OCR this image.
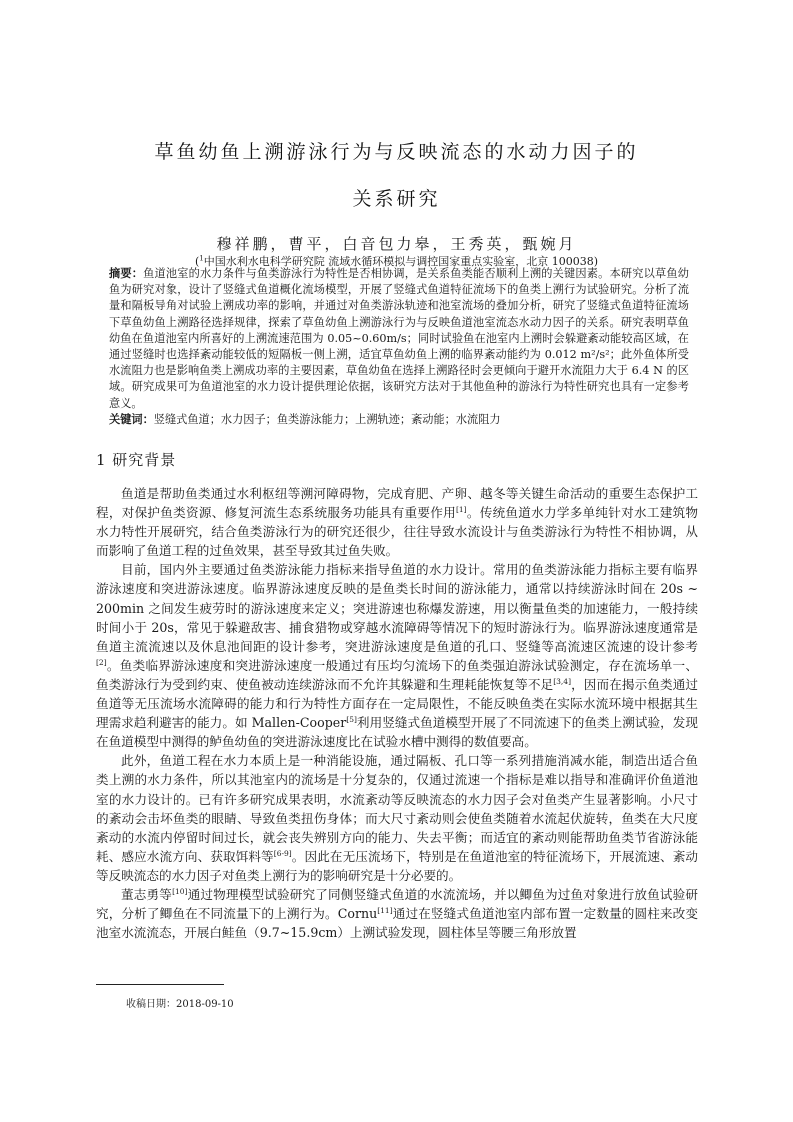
草鱼幼鱼上溯游泳行为与反映流态的水动力因子的
关系研究
穆祥鹏，曹平，白音包力皋，王秀英，甄婉月
($^1$中国水利水电科学研究院 流域水循环模拟与调控国家重点实验室，北京 100038)

摘要：鱼道池室的水力条件与鱼类游泳行为特性是否相协调，是关系鱼类能否顺利上溯的关键因素。本研究以草鱼幼鱼为研究对象，设计了竖缝式鱼道概化流场模型，开展了竖缝式鱼道特征流场下的鱼类上溯行为试验研究。分析了流量和隔板导角对试验上溯成功率的影响，并通过对鱼类游泳轨迹和池室流场的叠加分析，研究了竖缝式鱼道特征流场下草鱼幼鱼上溯路径选择规律，探索了草鱼幼鱼上溯游泳行为与反映鱼道池室流态水动力因子的关系。研究表明草鱼幼鱼在鱼道池室内所喜好的上溯流速范围为 0.05~0.60m/s；同时试验鱼在池室内上溯时会躲避紊动能较高区域，在通过竖缝时也选择紊动能较低的短隔板一侧上溯，适宜草鱼幼鱼上溯的临界紊动能约为 0.012 m²/s²；此外鱼体所受水流阻力也是影响鱼类上溯成功率的主要因素，草鱼幼鱼在选择上溯路径时会更倾向于避开水流阻力大于 6.4 N 的区域。研究成果可为鱼道池室的水力设计提供理论依据，该研究方法对于其他鱼种的游泳行为特性研究也具有一定参考意义。

关键词：竖缝式鱼道；水力因子；鱼类游泳能力；上溯轨迹；紊动能；水流阻力

1 研究背景

鱼道是帮助鱼类通过水利枢纽等溯河障碍物，完成育肥、产卵、越冬等关键生命活动的重要生态保护工程，对保护鱼类资源、修复河流生态系统服务功能具有重要作用[1]。传统鱼道水力学多单纯针对水工建筑物水力特性开展研究，结合鱼类游泳行为的研究还很少，往往导致水流设计与鱼类游泳行为特性不相协调，从而影响了鱼道工程的过鱼效果，甚至导致其过鱼失败。

目前，国内外主要通过鱼类游泳能力指标来指导鱼道的水力设计。常用的鱼类游泳能力指标主要有临界游泳速度和突进游泳速度。临界游泳速度反映的是鱼类长时间的游泳能力，通常以持续游泳时间在 20s ~ 200min 之间发生疲劳时的游泳速度来定义；突进游速也称爆发游速，用以衡量鱼类的加速能力，一般持续时间小于 20s，常见于躲避敌害、捕食猎物或穿越水流障碍等情况下的短时游泳行为。临界游泳速度通常是鱼道主流流速以及休息池间距的设计参考，突进游泳速度是鱼道的孔口、竖缝等高流速区流速的设计参考[2]。鱼类临界游泳速度和突进游泳速度一般通过有压均匀流场下的鱼类强迫游泳试验测定，存在流场单一、鱼类游泳行为受到约束、使鱼被动连续游泳而不允许其躲避和生理耗能恢复等不足[3,4]，因而在揭示鱼类通过鱼道等无压流场水流障碍的能力和行为特性方面存在一定局限性，不能反映鱼类在实际水流环境中根据其生理需求趋利避害的能力。如 Mallen-Cooper[5]利用竖缝式鱼道模型开展了不同流速下的鱼类上溯试验，发现在鱼道模型中测得的鲈鱼幼鱼的突进游泳速度比在试验水槽中测得的数值要高。

此外，鱼道工程在水力本质上是一种消能设施，通过隔板、孔口等一系列措施消减水能，制造出适合鱼类上溯的水力条件，所以其池室内的流场是十分复杂的，仅通过流速一个指标是难以指导和准确评价鱼道池室的水力设计的。已有许多研究成果表明，水流紊动等反映流态的水力因子会对鱼类产生显著影响。小尺寸的紊动会击坏鱼类的眼睛、导致鱼类扭伤身体；而大尺寸紊动则会使鱼类随着水流起伏旋转，鱼类在大尺度紊动的水流内停留时间过长，就会丧失辨别方向的能力、失去平衡；而适宜的紊动则能帮助鱼类节省游泳能耗、感应水流方向、获取饵料等[6-9]。因此在无压流场下，特别是在鱼道池室的特征流场下，开展流速、紊动等反映流态的水力因子对鱼类上溯行为的影响研究是十分必要的。

董志勇等[10]通过物理模型试验研究了同侧竖缝式鱼道的水流流场，并以鲫鱼为过鱼对象进行放鱼试验研究，分析了鲫鱼在不同流量下的上溯行为。Cornu[11]通过在竖缝式鱼道池室内部布置一定数量的圆柱来改变池室水流流态，开展白鲑鱼（9.7~15.9cm）上溯试验发现，圆柱体呈等腰三角形放置

收稿日期：2018-09-10
